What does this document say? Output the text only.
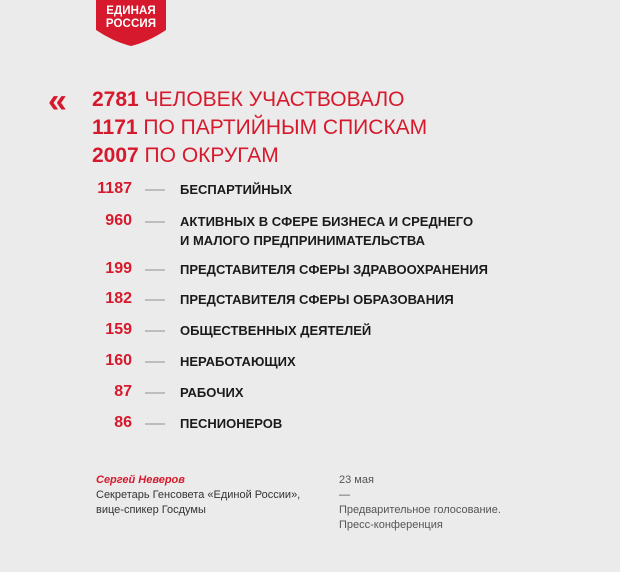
ЕДИНАЯ
РОССИЯ
« 2781 ЧЕЛОВЕК УЧАСТВОВАЛО
1171 ПО ПАРТИЙНЫМ СПИСКАМ
2007 ПО ОКРУГАМ
1187	БЕСПАРТИЙНЫХ
960	АКТИВНЫХ В СФЕРЕ БИЗНЕСА И СРЕДНЕГО
И МАЛОГО ПРЕДПРИНИМАТЕЛЬСТВА
199	ПРЕДСТАВИТЕЛЯ СФЕРЫ ЗДРАВООХРАНЕНИЯ
182	ПРЕДСТАВИТЕЛЯ СФЕРЫ ОБРАЗОВАНИЯ
159	ОБЩЕСТВЕННЫХ ДЕЯТЕЛЕЙ
160	НЕРАБОТАЮЩИХ
87	РАБОЧИХ
86	ПЕСНИОНЕРОВ
Сергей Неверов
Секретарь Генсовета «Единой России»,
вице-спикер Госдумы
23 мая
—
Предварительное голосование.
Пресс-конференция
